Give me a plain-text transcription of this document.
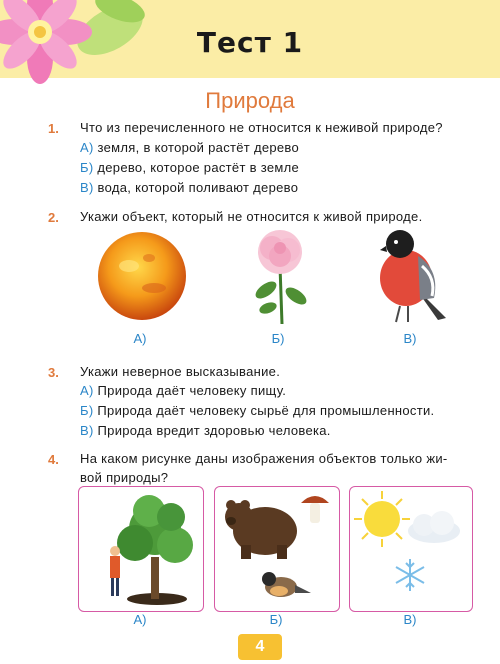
Тест 1
Природа
1. Что из перечисленного не относится к неживой природе?
А) земля, в которой растёт дерево
Б) дерево, которое растёт в земле
В) вода, которой поливают дерево
2. Укажи объект, который не относится к живой природе.
А)	Б)	В)
3. Укажи неверное высказывание.
А) Природа даёт человеку пищу.
Б) Природа даёт человеку сырьё для промышленности.
В) Природа вредит здоровью человека.
4. На каком рисунке даны изображения объектов только жи-
вой природы?
А)	Б)	В)
4
